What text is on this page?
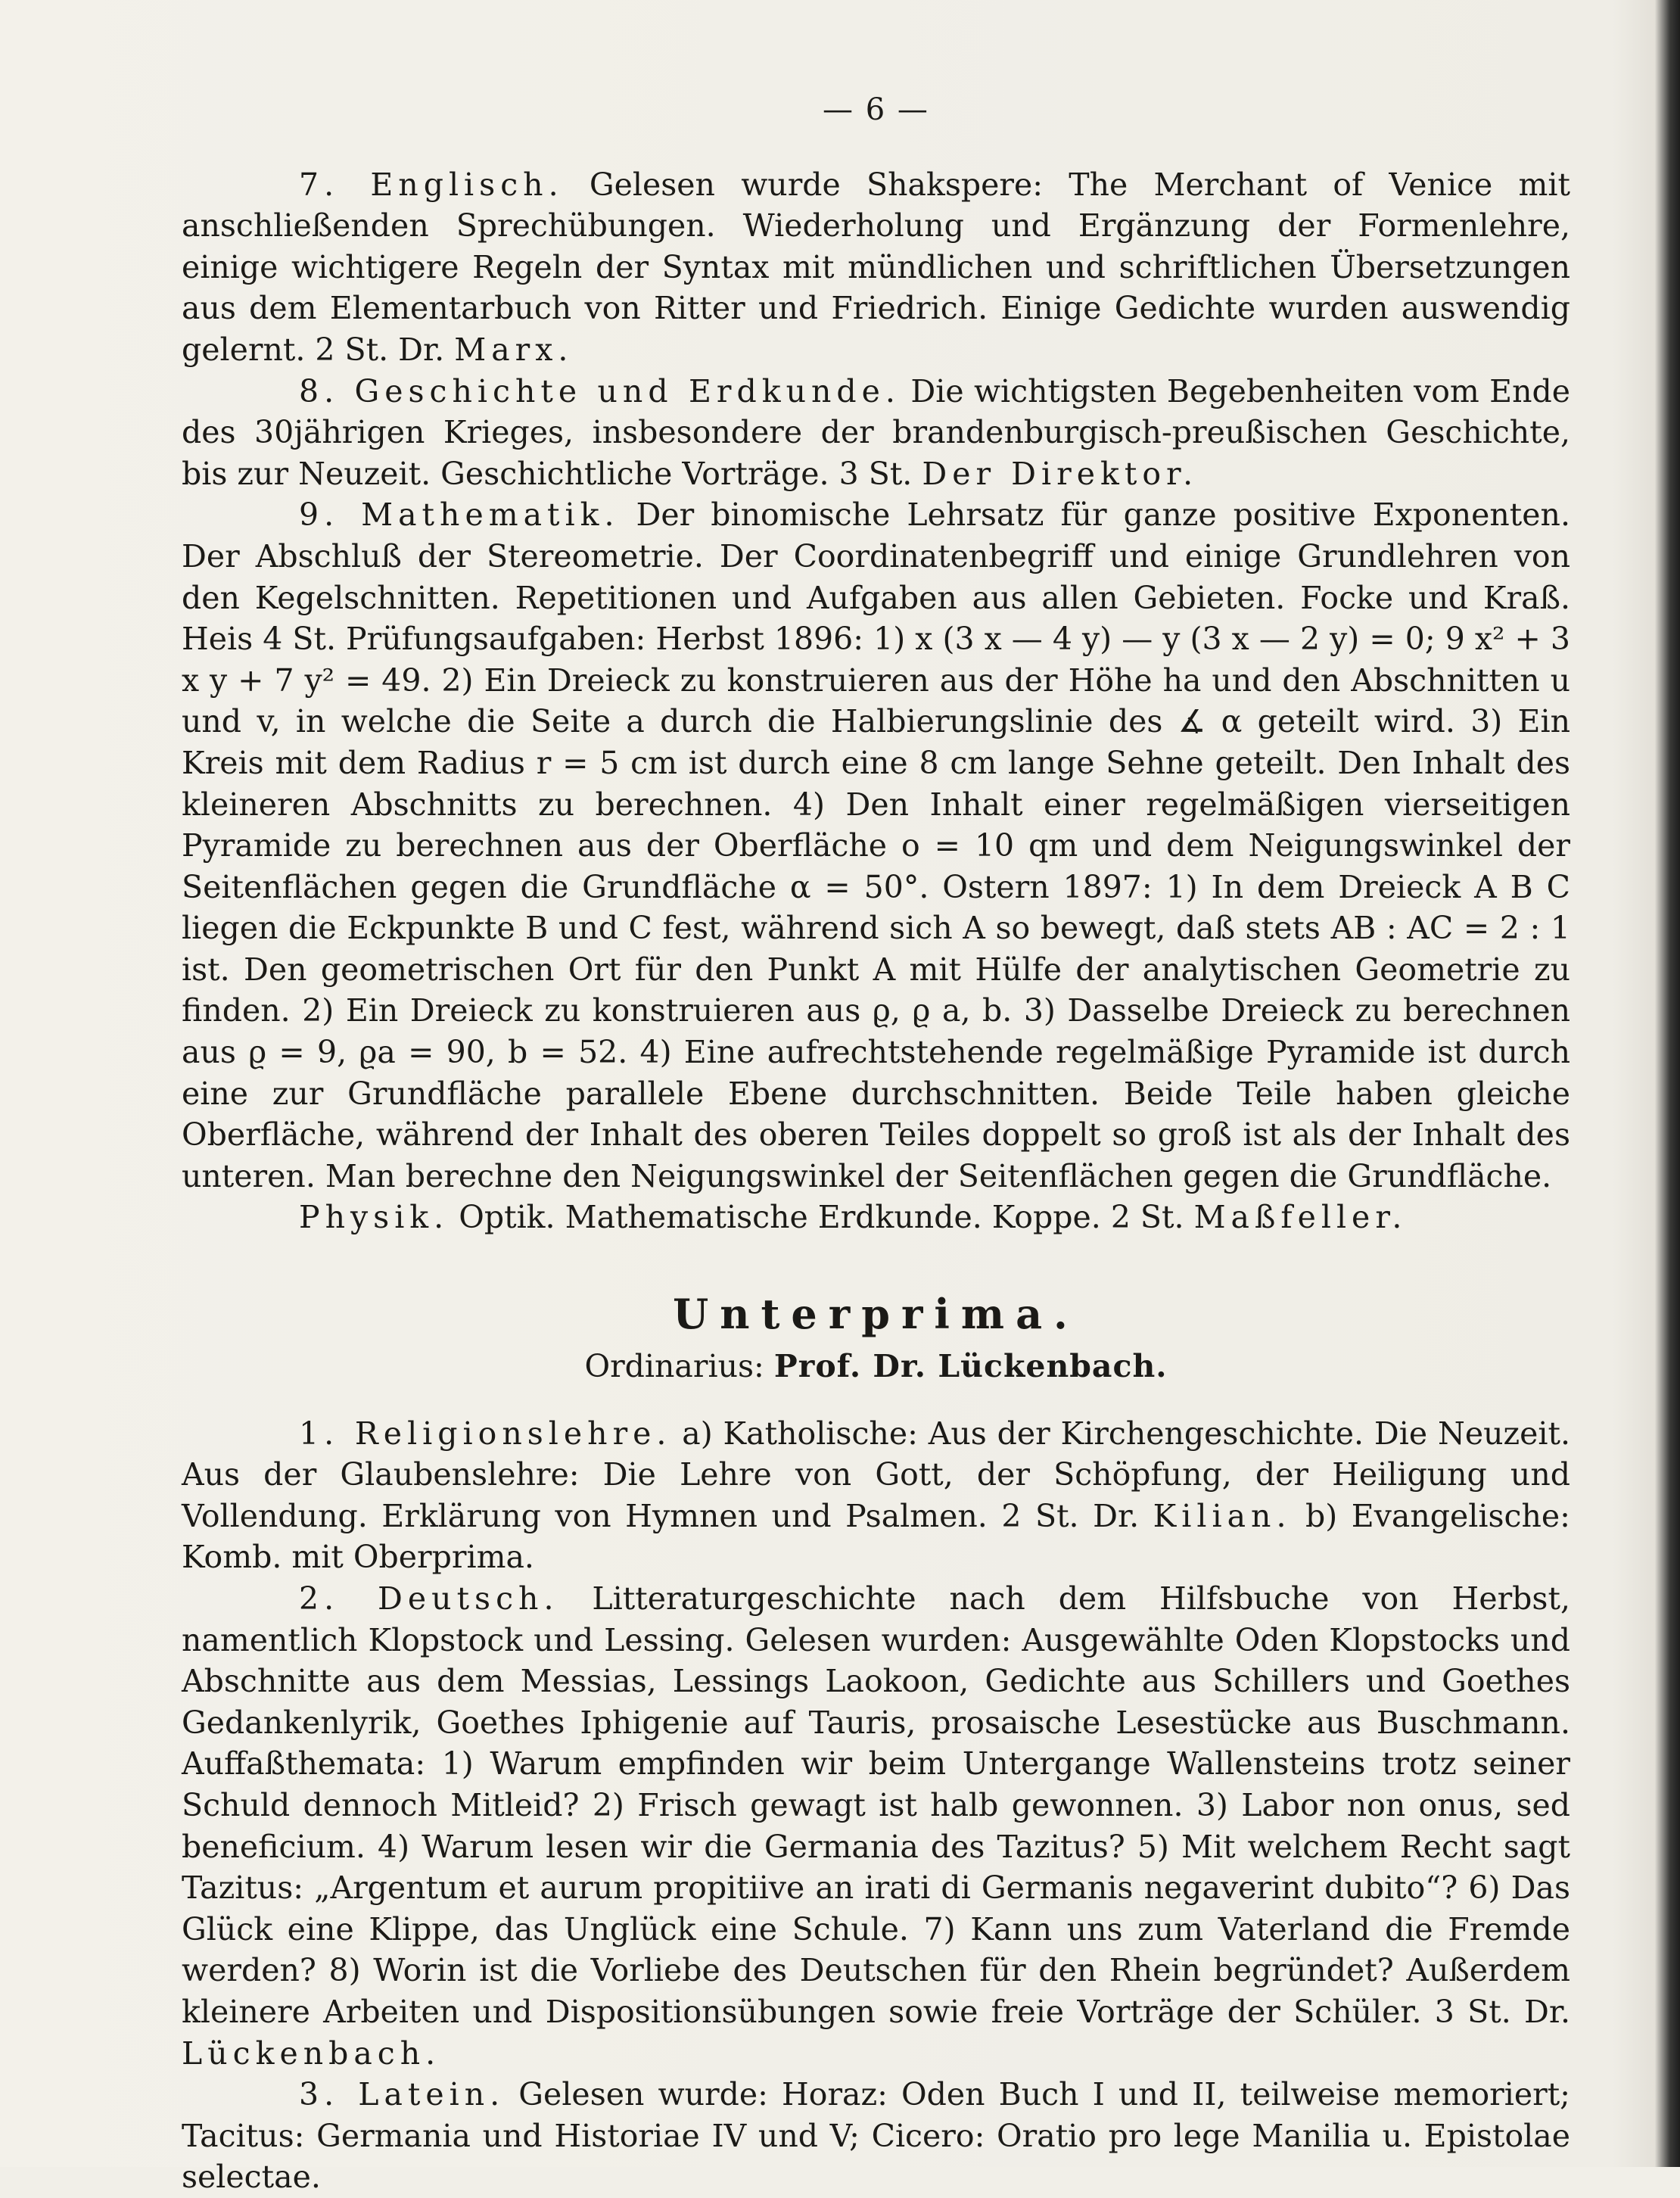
— 6 —

7. Englisch. Gelesen wurde Shakspere: The Merchant of Venice mit anschließenden Sprechübungen. Wiederholung und Ergänzung der Formenlehre, einige wichtigere Regeln der Syntax mit mündlichen und schriftlichen Übersetzungen aus dem Elementarbuch von Ritter und Friedrich. Einige Gedichte wurden auswendig gelernt. 2 St. Dr. Marx.

8. Geschichte und Erdkunde. Die wichtigsten Begebenheiten vom Ende des 30jährigen Krieges, insbesondere der brandenburgisch-preußischen Geschichte, bis zur Neuzeit. Geschichtliche Vorträge. 3 St. Der Direktor.

9. Mathematik. Der binomische Lehrsatz für ganze positive Exponenten. Der Abschluß der Stereometrie. Der Coordinatenbegriff und einige Grundlehren von den Kegelschnitten. Repetitionen und Aufgaben aus allen Gebieten. Focke und Kraß. Heis 4 St. Prüfungsaufgaben: Herbst 1896: 1) x (3 x — 4 y) — y (3 x — 2 y) = 0; 9 x² + 3 x y + 7 y² = 49. 2) Ein Dreieck zu konstruieren aus der Höhe ha und den Abschnitten u und v, in welche die Seite a durch die Halbierungslinie des ∡ α geteilt wird. 3) Ein Kreis mit dem Radius r = 5 cm ist durch eine 8 cm lange Sehne geteilt. Den Inhalt des kleineren Abschnitts zu berechnen. 4) Den Inhalt einer regelmäßigen vierseitigen Pyramide zu berechnen aus der Oberfläche o = 10 qm und dem Neigungswinkel der Seitenflächen gegen die Grundfläche α = 50°. Ostern 1897: 1) In dem Dreieck A B C liegen die Eckpunkte B und C fest, während sich A so bewegt, daß stets AB : AC = 2 : 1 ist. Den geometrischen Ort für den Punkt A mit Hülfe der analytischen Geometrie zu finden. 2) Ein Dreieck zu konstruieren aus ϱ, ϱ a, b. 3) Dasselbe Dreieck zu berechnen aus ϱ = 9, ϱa = 90, b = 52. 4) Eine aufrechtstehende regelmäßige Pyramide ist durch eine zur Grundfläche parallele Ebene durchschnitten. Beide Teile haben gleiche Oberfläche, während der Inhalt des oberen Teiles doppelt so groß ist als der Inhalt des unteren. Man berechne den Neigungswinkel der Seitenflächen gegen die Grundfläche.

Physik. Optik. Mathematische Erdkunde. Koppe. 2 St. Maßfeller.

Unterprima.

Ordinarius: Prof. Dr. Lückenbach.

1. Religionslehre. a) Katholische: Aus der Kirchengeschichte. Die Neuzeit. Aus der Glaubenslehre: Die Lehre von Gott, der Schöpfung, der Heiligung und Vollendung. Erklärung von Hymnen und Psalmen. 2 St. Dr. Kilian. b) Evangelische: Komb. mit Oberprima.

2. Deutsch. Litteraturgeschichte nach dem Hilfsbuche von Herbst, namentlich Klopstock und Lessing. Gelesen wurden: Ausgewählte Oden Klopstocks und Abschnitte aus dem Messias, Lessings Laokoon, Gedichte aus Schillers und Goethes Gedankenlyrik, Goethes Iphigenie auf Tauris, prosaische Lesestücke aus Buschmann. Auffaßthemata: 1) Warum empfinden wir beim Untergange Wallensteins trotz seiner Schuld dennoch Mitleid? 2) Frisch gewagt ist halb gewonnen. 3) Labor non onus, sed beneficium. 4) Warum lesen wir die Germania des Tazitus? 5) Mit welchem Recht sagt Tazitus: „Argentum et aurum propitiive an irati di Germanis negaverint dubito“? 6) Das Glück eine Klippe, das Unglück eine Schule. 7) Kann uns zum Vaterland die Fremde werden? 8) Worin ist die Vorliebe des Deutschen für den Rhein begründet? Außerdem kleinere Arbeiten und Dispositionsübungen sowie freie Vorträge der Schüler. 3 St. Dr. Lückenbach.

3. Latein. Gelesen wurde: Horaz: Oden Buch I und II, teilweise memoriert; Tacitus: Germania und Historiae IV und V; Cicero: Oratio pro lege Manilia u. Epistolae selectae.
